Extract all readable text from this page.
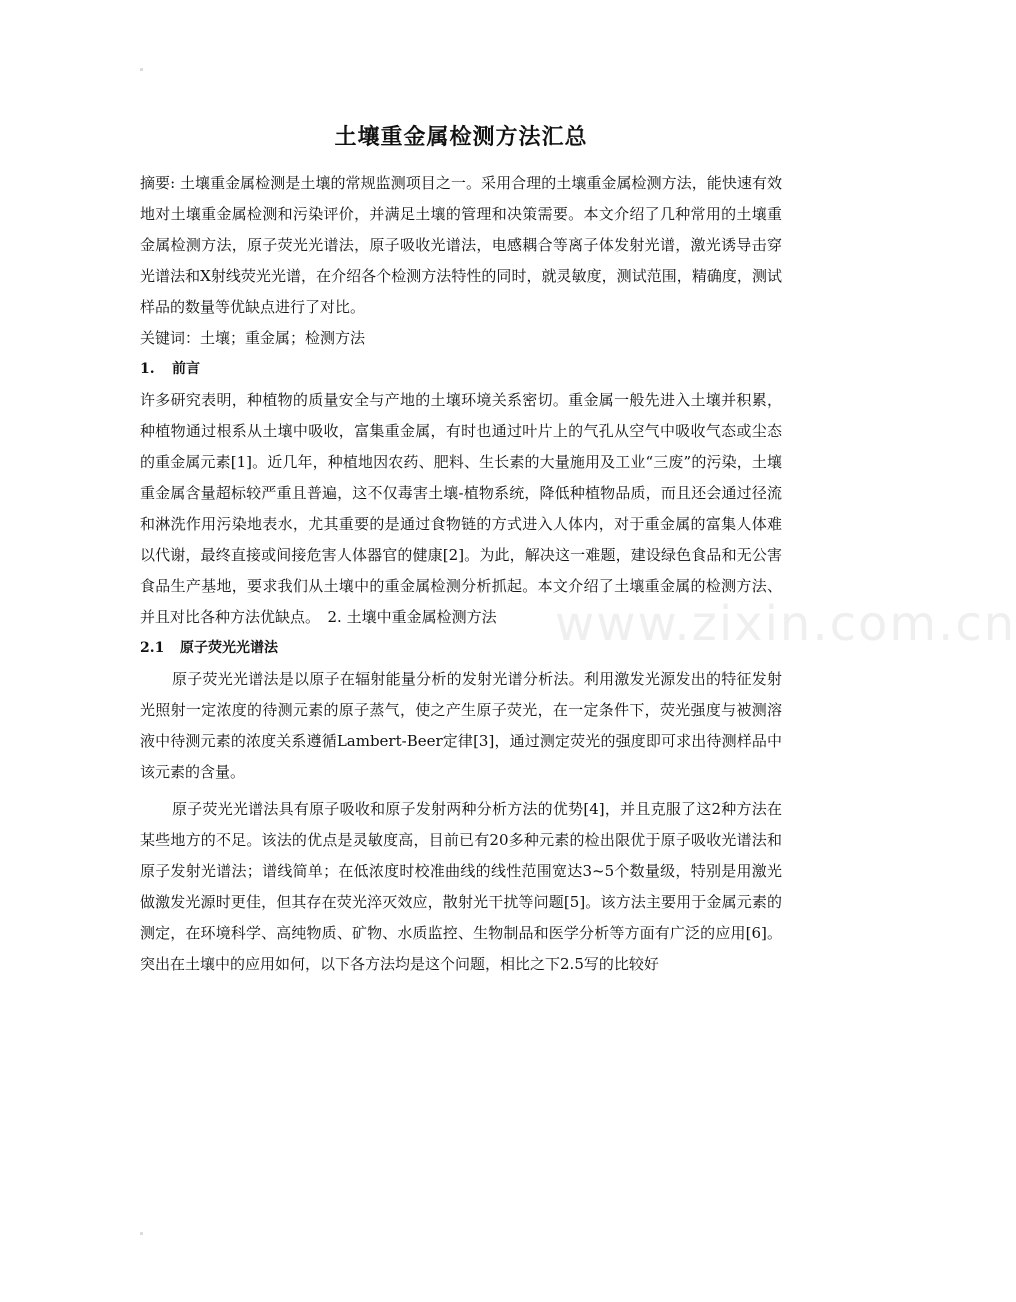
www.zixin.com.cn
土壤重金属检测方法汇总

摘要: 土壤重金属检测是土壤的常规监测项目之一。采用合理的土壤重金属检测方法，能快速有效地对土壤重金属检测和污染评价，并满足土壤的管理和决策需要。本文介绍了几种常用的土壤重金属检测方法，原子荧光光谱法，原子吸收光谱法，电感耦合等离子体发射光谱，激光诱导击穿光谱法和X射线荧光光谱，在介绍各个检测方法特性的同时，就灵敏度，测试范围，精确度，测试样品的数量等优缺点进行了对比。

关键词：土壤；重金属；检测方法

1. 前言

许多研究表明，种植物的质量安全与产地的土壤环境关系密切。重金属一般先进入土壤并积累，种植物通过根系从土壤中吸收，富集重金属，有时也通过叶片上的气孔从空气中吸收气态或尘态的重金属元素[1]。近几年，种植地因农药、肥料、生长素的大量施用及工业“三废”的污染，土壤重金属含量超标较严重且普遍，这不仅毒害土壤-植物系统，降低种植物品质，而且还会通过径流和淋洗作用污染地表水，尤其重要的是通过食物链的方式进入人体内，对于重金属的富集人体难以代谢，最终直接或间接危害人体器官的健康[2]。为此，解决这一难题，建设绿色食品和无公害食品生产基地，要求我们从土壤中的重金属检测分析抓起。本文介绍了土壤重金属的检测方法、并且对比各种方法优缺点。　2. 土壤中重金属检测方法

2.1 原子荧光光谱法

原子荧光光谱法是以原子在辐射能量分析的发射光谱分析法。利用激发光源发出的特征发射光照射一定浓度的待测元素的原子蒸气，使之产生原子荧光，在一定条件下，荧光强度与被测溶液中待测元素的浓度关系遵循Lambert-Beer定律[3]，通过测定荧光的强度即可求出待测样品中该元素的含量。

原子荧光光谱法具有原子吸收和原子发射两种分析方法的优势[4]，并且克服了这2种方法在某些地方的不足。该法的优点是灵敏度高，目前已有20多种元素的检出限优于原子吸收光谱法和原子发射光谱法；谱线简单；在低浓度时校准曲线的线性范围宽达3~5个数量级，特别是用激光做激发光源时更佳，但其存在荧光淬灭效应，散射光干扰等问题[5]。该方法主要用于金属元素的测定，在环境科学、高纯物质、矿物、水质监控、生物制品和医学分析等方面有广泛的应用[6]。突出在土壤中的应用如何，以下各方法均是这个问题，相比之下2.5写的比较好
